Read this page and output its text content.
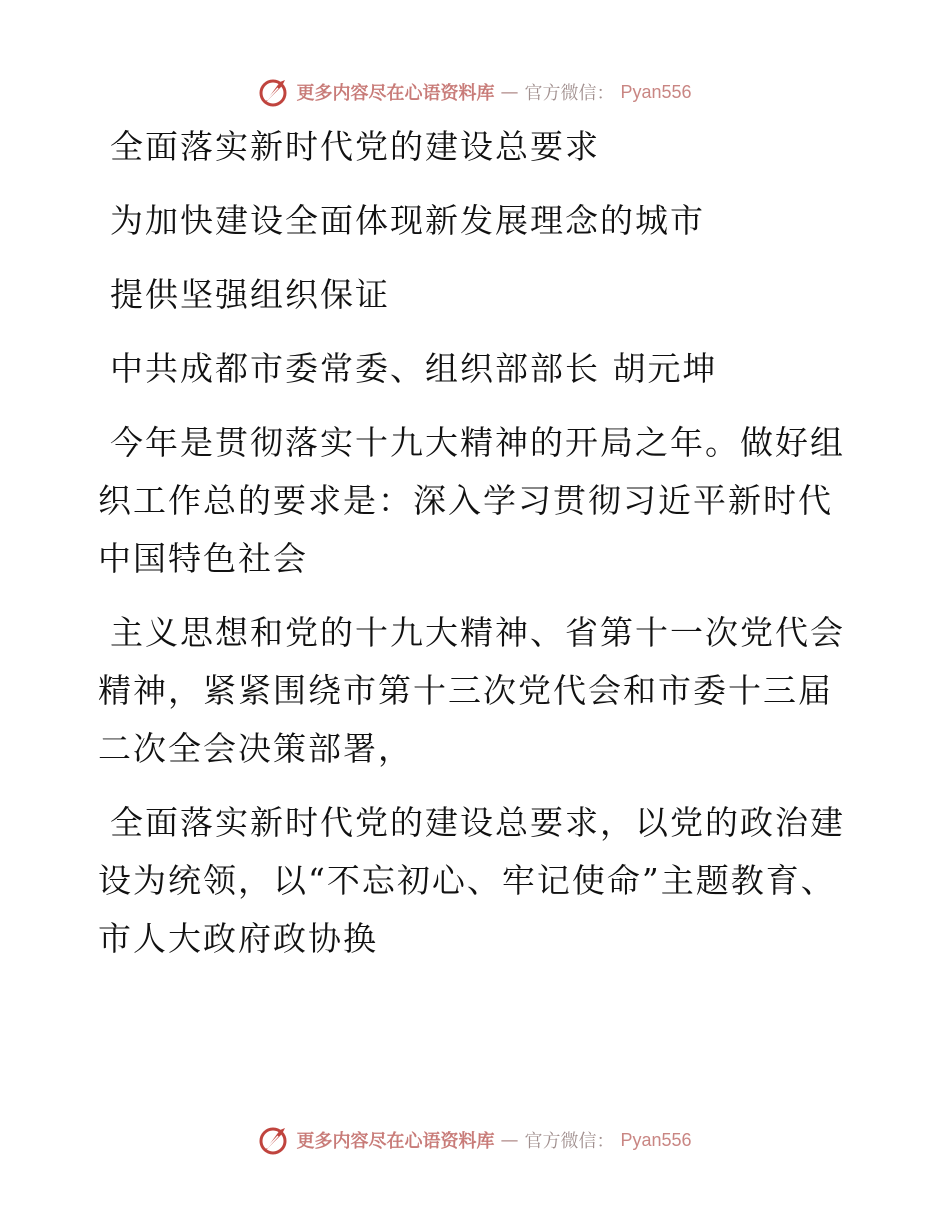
更多内容尽在心语资料库 — 官方微信： Pyan556

全面落实新时代党的建设总要求

为加快建设全面体现新发展理念的城市

提供坚强组织保证

中共成都市委常委、组织部部长 胡元坤

今年是贯彻落实十九大精神的开局之年。做好组织工作总的要求是：深入学习贯彻习近平新时代中国特色社会

主义思想和党的十九大精神、省第十一次党代会精神，紧紧围绕市第十三次党代会和市委十三届二次全会决策部署，

全面落实新时代党的建设总要求，以党的政治建设为统领，以“不忘初心、牢记使命”主题教育、市人大政府政协换

更多内容尽在心语资料库 — 官方微信： Pyan556
